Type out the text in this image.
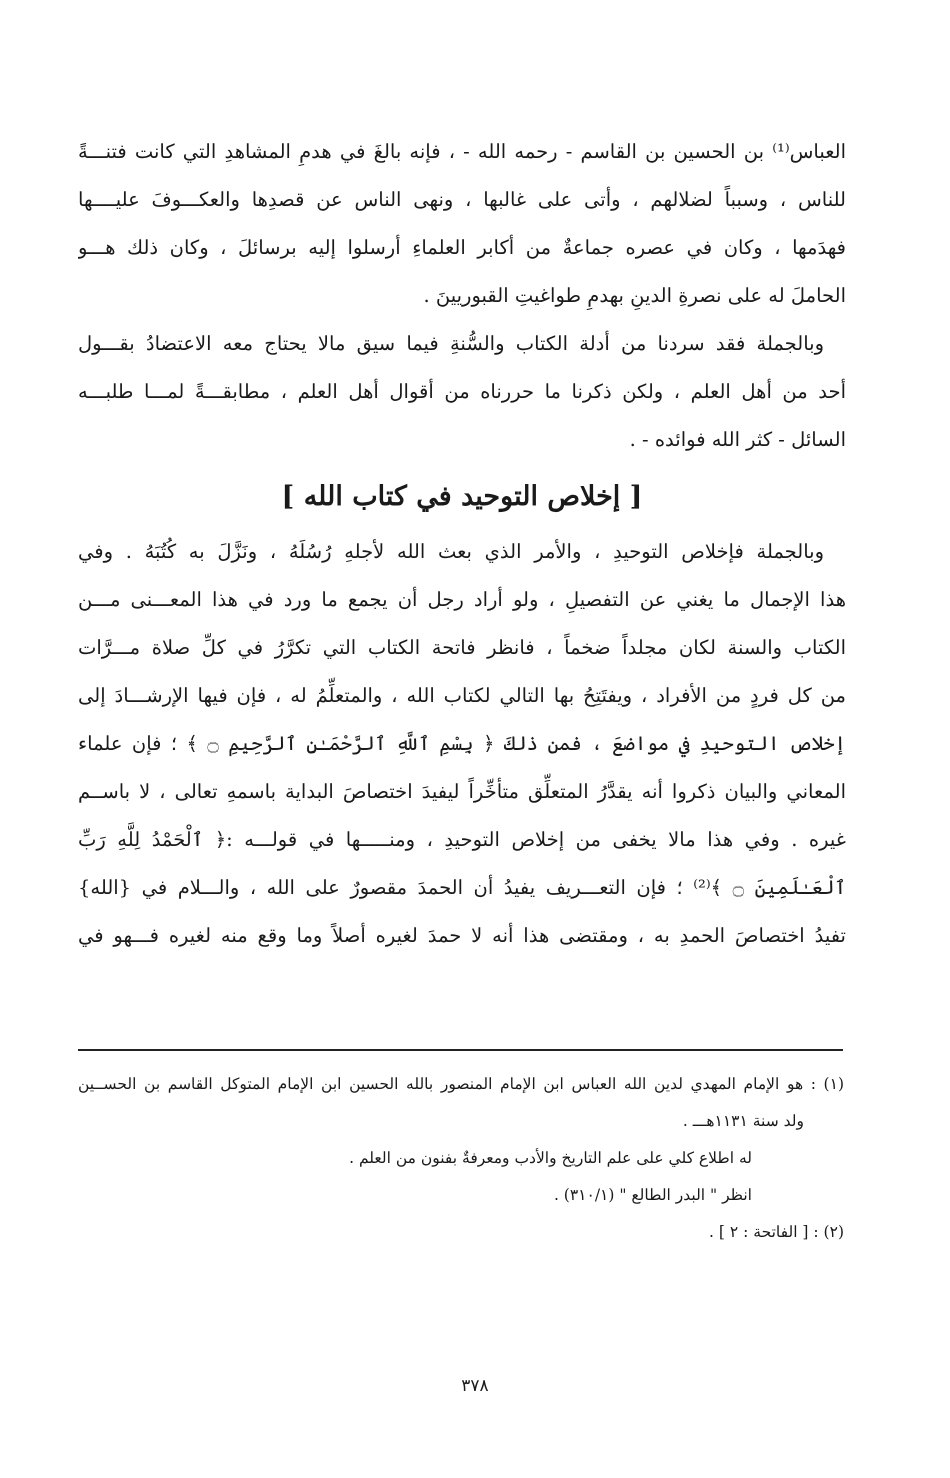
العباس⁽¹⁾ بن الحسين بن القاسم - رحمه الله - ، فإنه بالغَ في هدمِ المشاهدِ التي كانت فتنـــةً
للناس ، وسبباً لضلالهم ، وأتى على غالبها ، ونهى الناس عن قصدِها والعكـــوفَ عليــــها
فهدَمها ، وكان في عصره جماعةٌ من أكابر العلماءِ أرسلوا إليه برسائلَ ، وكان ذلك هـــو
الحاملَ له على نصرةِ الدينِ بهدمِ طواغيتِ القبوريينَ .
وبالجملة فقد سردنا من أدلة الكتاب والسُّنةِ فيما سيق مالا يحتاج معه الاعتضادُ بقـــول
أحد من أهل العلم ، ولكن ذكرنا ما حررناه من أقوال أهل العلم ، مطابقـــةً لمـــا طلبـــه
السائل - كثر الله فوائده - .
[ إخلاص التوحيد في كتاب الله ]
وبالجملة فإخلاص التوحيدِ ، والأمر الذي بعث الله لأجلهِ رُسُلَهُ ، ونَزَّلَ به كُتُبَهُ . وفي
هذا الإجمال ما يغني عن التفصيلِ ، ولو أراد رجل أن يجمع ما ورد في هذا المعـــنى مـــن
الكتاب والسنة لكان مجلداً ضخماً ، فانظر فاتحة الكتاب التي تكرَّرُ في كلِّ صلاة مـــرَّات
من كل فردٍ من الأفراد ، ويفتَتِحُ بها التالي لكتاب الله ، والمتعلِّمُ له ، فإن فيها الإرشـــادَ إلى
إخلاص التوحيدِ في مواضعَ ، فمن ذلكَ ﴿ بِسْمِ ٱللَّهِ ٱلرَّحْمَـٰنِ ٱلرَّحِيمِ ۝ ﴾ ؛ فإن علماء
المعاني والبيان ذكروا أنه يقدَّرُ المتعلِّق متأخِّراً ليفيدَ اختصاصَ البداية باسمهِ تعالى ، لا باســم
غيره . وفي هذا مالا يخفى من إخلاص التوحيدِ ، ومنـــــها في قولـــه :﴿ ٱلْحَمْدُ لِلَّهِ رَبِّ
ٱلْعَـٰلَمِينَ ۝ ﴾⁽²⁾ ؛ فإن التعـــريف يفيدُ أن الحمدَ مقصورٌ على الله ، والـــلام في {الله}
تفيدُ اختصاصَ الحمدِ به ، ومقتضى هذا أنه لا حمدَ لغيره أصلاً وما وقع منه لغيره فـــهو في
(١) : هو الإمام المهدي لدين الله العباس ابن الإمام المنصور بالله الحسين ابن الإمام المتوكل القاسم بن الحســين
ولد سنة ١١٣١هـــ .
له اطلاع كلي على علم التاريخ والأدب ومعرفةٌ بفنون من العلم .
انظر " البدر الطالع " (٣١٠/١) .
(٢) : [ الفاتحة : ٢ ] .
٣٧٨
